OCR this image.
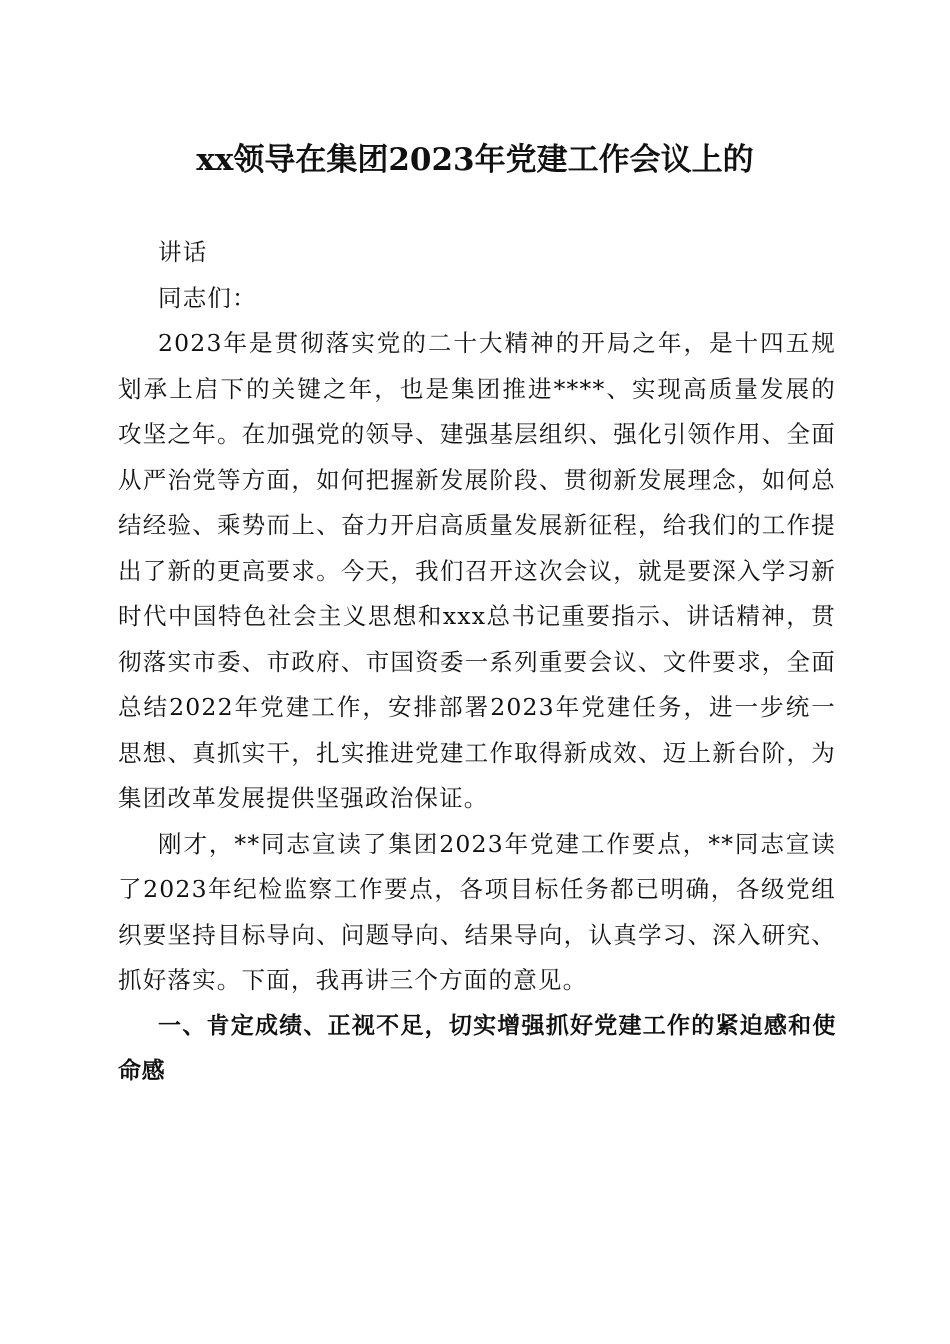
xx领导在集团2023年党建工作会议上的

讲话

同志们：

2023年是贯彻落实党的二十大精神的开局之年，是十四五规划承上启下的关键之年，也是集团推进****、实现高质量发展的攻坚之年。在加强党的领导、建强基层组织、强化引领作用、全面从严治党等方面，如何把握新发展阶段、贯彻新发展理念，如何总结经验、乘势而上、奋力开启高质量发展新征程，给我们的工作提出了新的更高要求。今天，我们召开这次会议，就是要深入学习新时代中国特色社会主义思想和xxx总书记重要指示、讲话精神，贯彻落实市委、市政府、市国资委一系列重要会议、文件要求，全面总结2022年党建工作，安排部署2023年党建任务，进一步统一思想、真抓实干，扎实推进党建工作取得新成效、迈上新台阶，为集团改革发展提供坚强政治保证。

刚才，**同志宣读了集团2023年党建工作要点，**同志宣读了2023年纪检监察工作要点，各项目标任务都已明确，各级党组织要坚持目标导向、问题导向、结果导向，认真学习、深入研究、抓好落实。下面，我再讲三个方面的意见。

一、肯定成绩、正视不足，切实增强抓好党建工作的紧迫感和使命感
